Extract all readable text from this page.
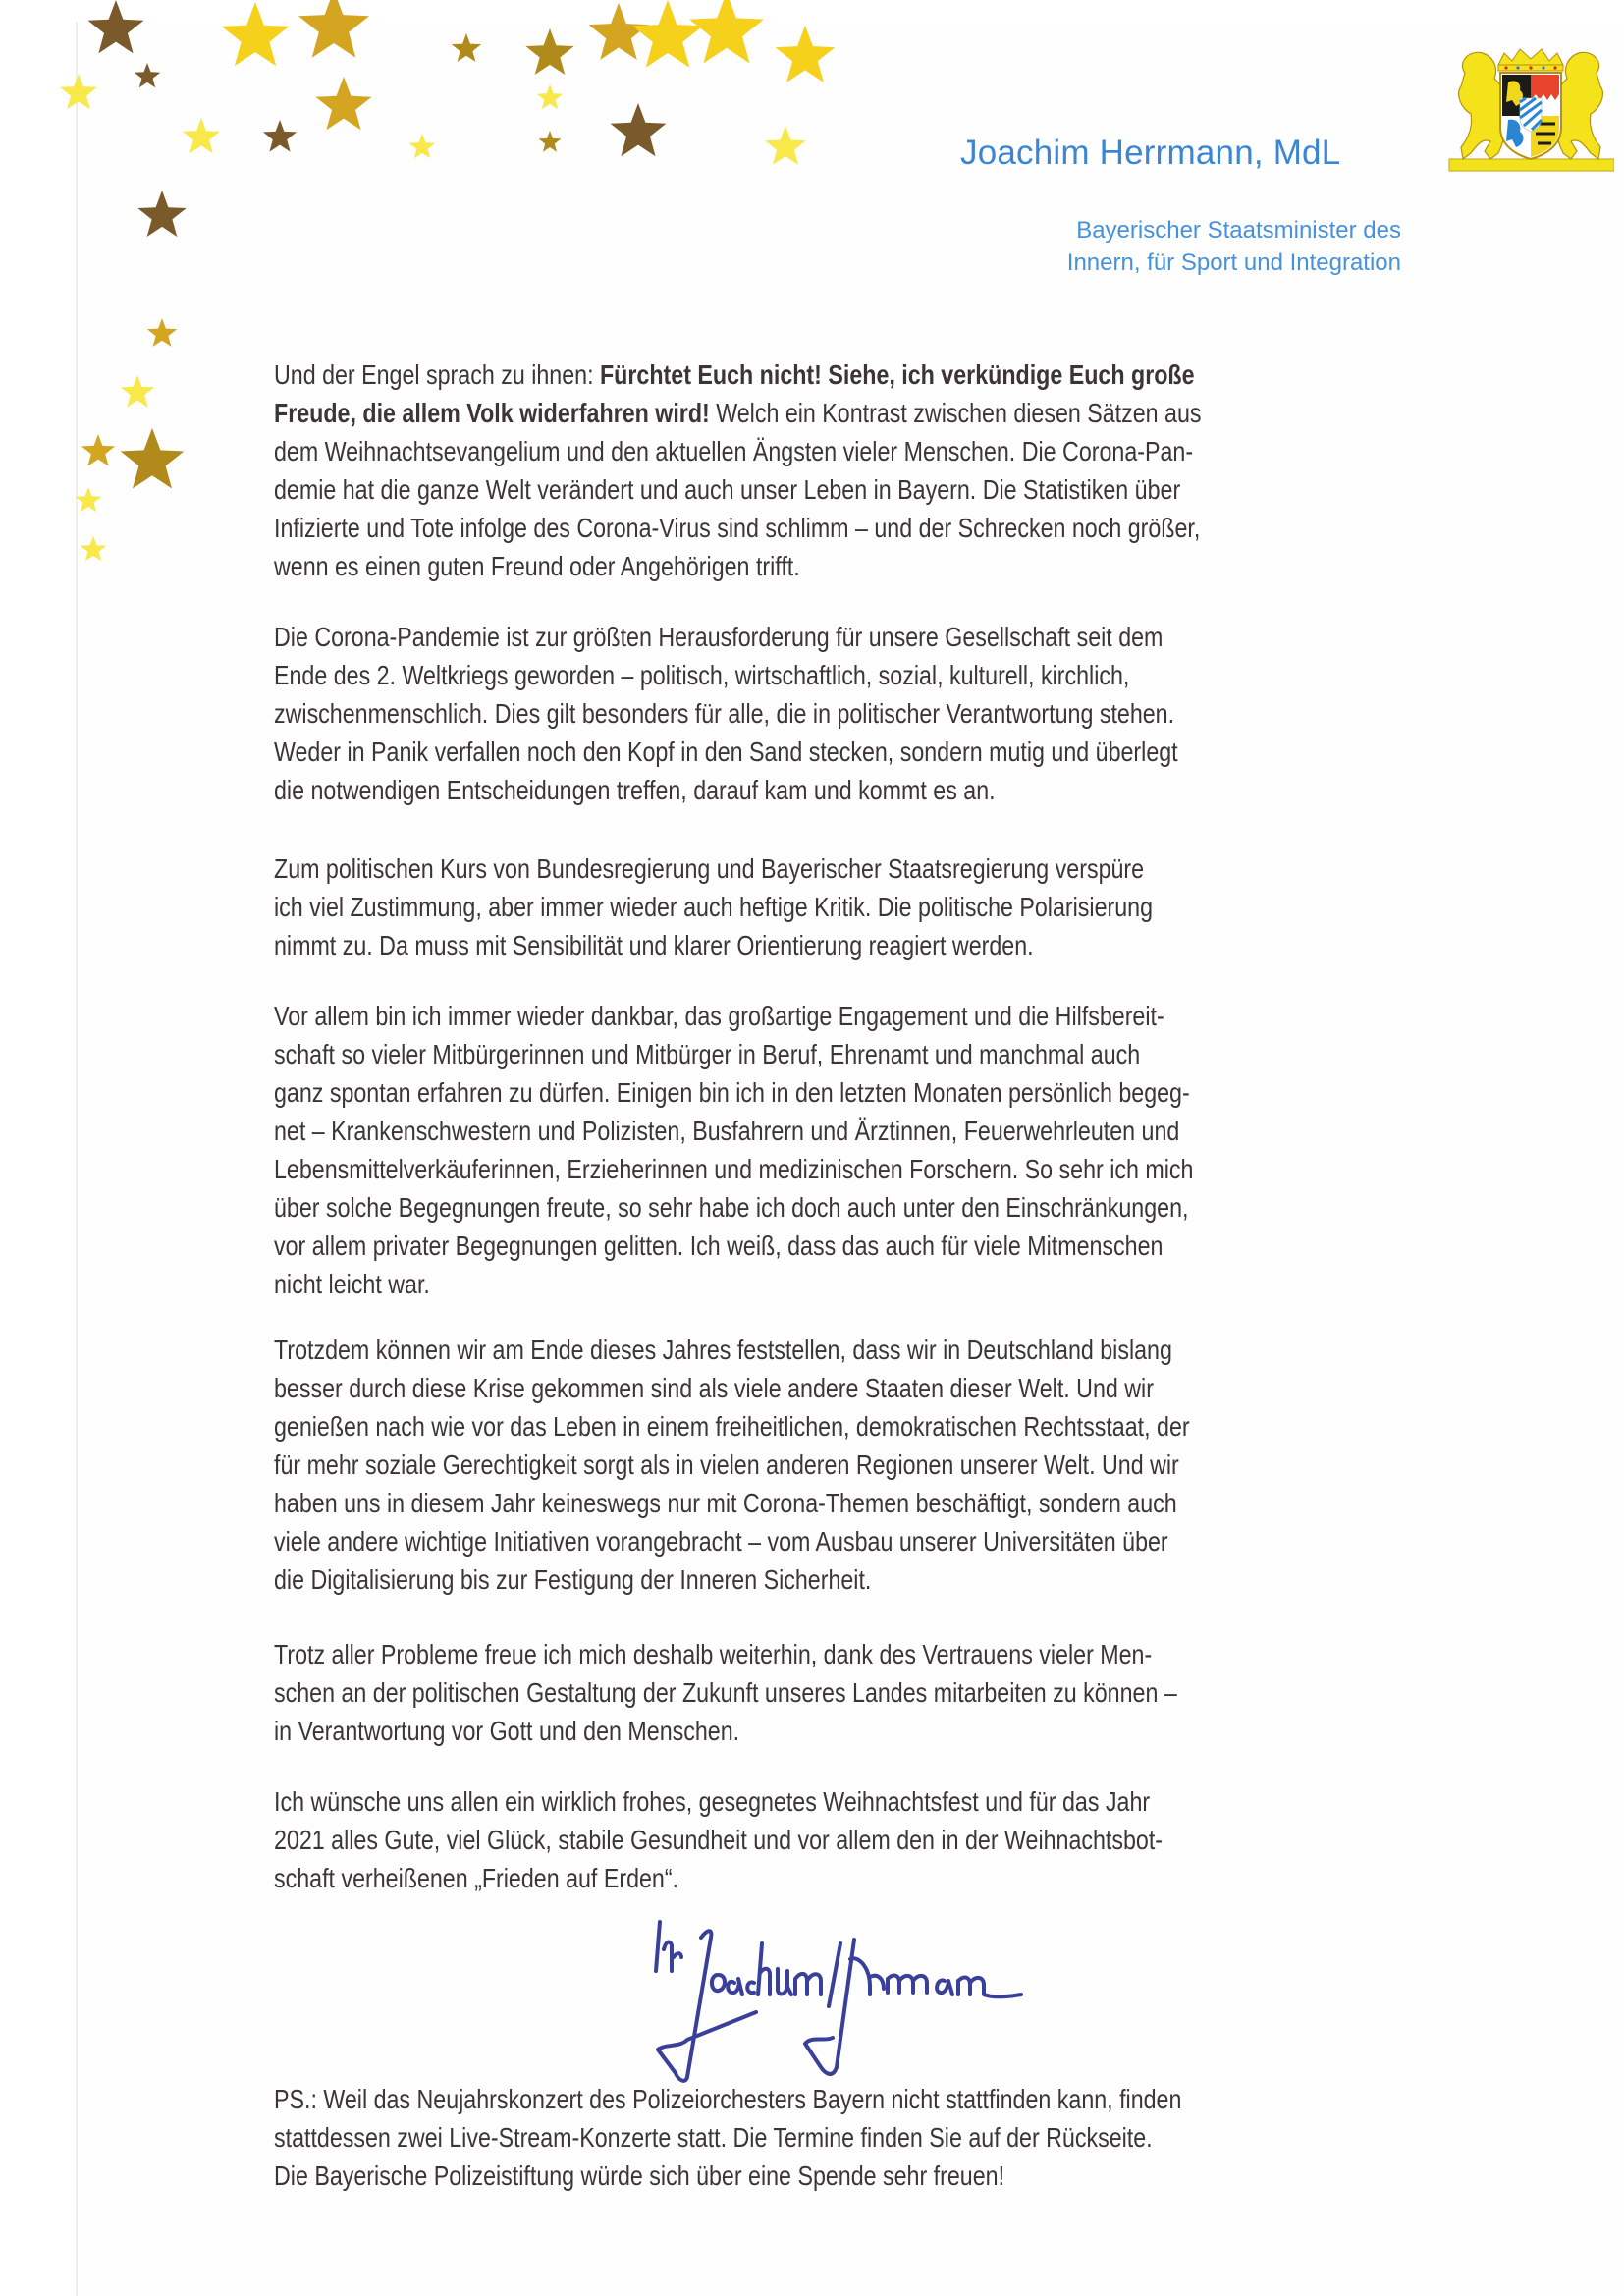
Joachim Herrmann, MdL
Bayerischer Staatsminister des
Innern, für Sport und Integration
Und der Engel sprach zu ihnen: Fürchtet Euch nicht! Siehe, ich verkündige Euch große
Freude, die allem Volk widerfahren wird! Welch ein Kontrast zwischen diesen Sätzen aus
dem Weihnachtsevangelium und den aktuellen Ängsten vieler Menschen. Die Corona-Pan-
demie hat die ganze Welt verändert und auch unser Leben in Bayern. Die Statistiken über
Infizierte und Tote infolge des Corona-Virus sind schlimm – und der Schrecken noch größer,
wenn es einen guten Freund oder Angehörigen trifft.
Die Corona-Pandemie ist zur größten Herausforderung für unsere Gesellschaft seit dem
Ende des 2. Weltkriegs geworden – politisch, wirtschaftlich, sozial, kulturell, kirchlich,
zwischenmenschlich. Dies gilt besonders für alle, die in politischer Verantwortung stehen.
Weder in Panik verfallen noch den Kopf in den Sand stecken, sondern mutig und überlegt
die notwendigen Entscheidungen treffen, darauf kam und kommt es an.
Zum politischen Kurs von Bundesregierung und Bayerischer Staatsregierung verspüre
ich viel Zustimmung, aber immer wieder auch heftige Kritik. Die politische Polarisierung
nimmt zu. Da muss mit Sensibilität und klarer Orientierung reagiert werden.
Vor allem bin ich immer wieder dankbar, das großartige Engagement und die Hilfsbereit-
schaft so vieler Mitbürgerinnen und Mitbürger in Beruf, Ehrenamt und manchmal auch
ganz spontan erfahren zu dürfen. Einigen bin ich in den letzten Monaten persönlich begeg-
net – Krankenschwestern und Polizisten, Busfahrern und Ärztinnen, Feuerwehrleuten und
Lebensmittelverkäuferinnen, Erzieherinnen und medizinischen Forschern. So sehr ich mich
über solche Begegnungen freute, so sehr habe ich doch auch unter den Einschränkungen,
vor allem privater Begegnungen gelitten. Ich weiß, dass das auch für viele Mitmenschen
nicht leicht war.
Trotzdem können wir am Ende dieses Jahres feststellen, dass wir in Deutschland bislang
besser durch diese Krise gekommen sind als viele andere Staaten dieser Welt. Und wir
genießen nach wie vor das Leben in einem freiheitlichen, demokratischen Rechtsstaat, der
für mehr soziale Gerechtigkeit sorgt als in vielen anderen Regionen unserer Welt. Und wir
haben uns in diesem Jahr keineswegs nur mit Corona-Themen beschäftigt, sondern auch
viele andere wichtige Initiativen vorangebracht – vom Ausbau unserer Universitäten über
die Digitalisierung bis zur Festigung der Inneren Sicherheit.
Trotz aller Probleme freue ich mich deshalb weiterhin, dank des Vertrauens vieler Men-
schen an der politischen Gestaltung der Zukunft unseres Landes mitarbeiten zu können –
in Verantwortung vor Gott und den Menschen.
Ich wünsche uns allen ein wirklich frohes, gesegnetes Weihnachtsfest und für das Jahr
2021 alles Gute, viel Glück, stabile Gesundheit und vor allem den in der Weihnachtsbot-
schaft verheißenen „Frieden auf Erden“.
PS.: Weil das Neujahrskonzert des Polizeiorchesters Bayern nicht stattfinden kann, finden
stattdessen zwei Live-Stream-Konzerte statt. Die Termine finden Sie auf der Rückseite.
Die Bayerische Polizeistiftung würde sich über eine Spende sehr freuen!
